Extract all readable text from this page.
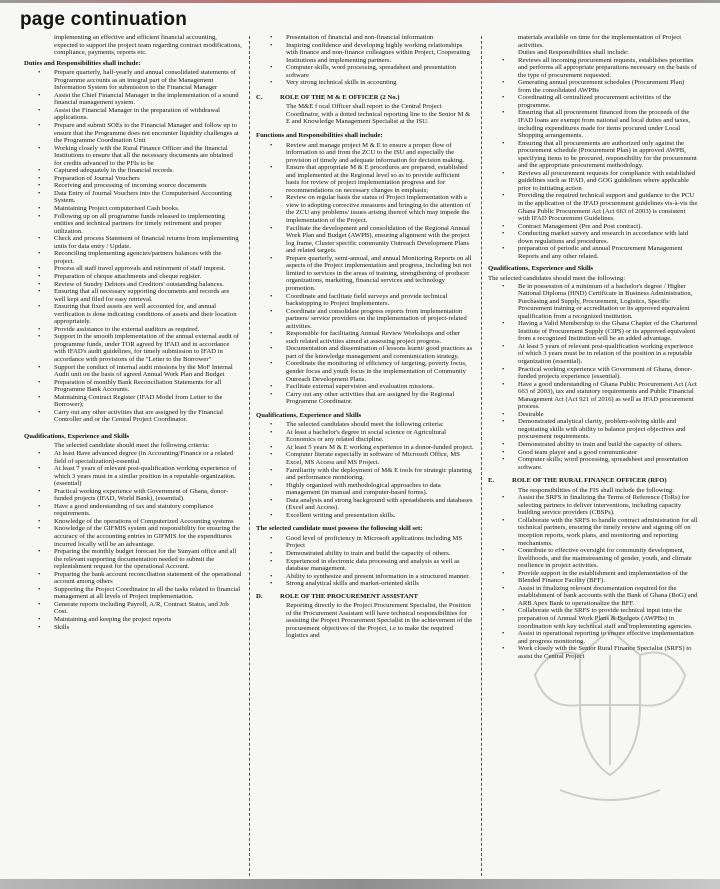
page continuation

implementing an effective and efficient financial accounting, expected to support the project team regarding contract modifications, compliance, payments, reports etc.

Duties and Responsibilities shall include:

• Prepare quarterly, half-yearly and annual consolidated statements of Programme accounts as an integral part of the Management Information System for submission to the Financial Manager
• Assist the Chief Financial Manager in the implementation of a sound financial management system.
• Assist the Financial Manager in the preparation of withdrawal applications.
• Prepare and submit SOEs to the Financial Manager and follow up to ensure that the Programme does not encounter liquidity challenges at the Programme Coordination Unit
• Working closely with the Rural Finance Officer and the financial Institutions to ensure that all the necessary documents are obtained for credits advanced to the PFIs to be
• Captured adequately in the financial records.
• Preparation of Journal Vouchers
• Receiving and processing of incoming source documents
• Data Entry of Journal Vouchers into the Computerised Accounting System.
• Maintaining Project computerised Cash books.
• Following up on all programme funds released to implementing entities and technical partners for timely retirement and proper utilization.
• Check and process Statement of financial returns from implementing units for data entry / Update.
• Reconciling implementing agencies/partners balances with the project.
• Process all staff travel approvals and retirement of staff imprest.
• Preparation of cheque attachments and cheque register.
• Review of Sundry Debtors and Creditors' outstanding balances.
• Ensuring that all necessary supporting documents and records are well kept and filed for easy retrieval.
• Ensuring that fixed assets are well accounted for, and annual verification is done indicating conditions of assets and their location appropriately.
• Provide assistance to the external auditors as required.
• Support in the smooth implementation of the annual external audit of programme funds, under TOR agreed by IFAD and in accordance with IFAD's audit guidelines, for timely submission to IFAD in accordance with provisions of the "Letter to the Borrower"
• Support the conduct of internal audit missions by the MoF Internal Audit unit on the basis of agreed Annual Work Plan and Budget
• Preparation of monthly Bank Reconciliation Statements for all Programme Bank Accounts.
• Maintaining Contract Register (IFAD Model from Letter to the Borrower);
• Carry out any other activities that are assigned by the Financial Controller and or the Central Project Coordinator.

Qualifications, Experience and Skills

The selected candidate should meet the following criteria:

• At least Have advanced degree (in Accounting/Finance or a related field of specialization)-essential
• At least 7 years of relevant post-qualification working experience of which 3 years must in a similar position in a reputable organization. (essential)
• Practical working experience with Government of Ghana, donor-funded projects (IFAD, World Bank), (essential).
• Have a good understanding of tax and statutory compliance requirements.
• Knowledge of the operations of Computerized Accounting systems
• Knowledge of the GIFMIS system and responsibility for ensuring the accuracy of the accounting entries in GIFMIS for the expenditures incurred locally will be an advantage.
• Preparing the monthly budget forecast for the Sunyani office and all the relevant supporting documentation needed to submit the replenishment request for the operational Account.
• Preparing the bank account reconciliation statement of the operational account among others
• Supporting the Project Coordinator in all the tasks related to financial management at all levels of Project implementation.
• Generate reports including Payroll, A/R, Contract Status, and Job Cost.
• Maintaining and keeping the project reports
• Skills
• Presentation of financial and non-financial information
• Inspiring confidence and developing highly working relationships with finance and non-finance colleagues within Project, Cooperating Institutions and implementing partners.
• Computer skills, word processing, spreadsheet and presentation software
• Very strong technical skills in accounting
C.	ROLE OF THE M & E OFFICER (2 No.)

The M&E f ocal Officer shall report to the Central Project Coordinator, with a dotted technical reporting line to the Senior M & E and Knowledge Management Specialist at the ISU.

Functions and Responsibilities shall include:

• Review and manage project M & E to ensure a proper flow of information to and from the ZCU to the ISU and especially the provision of timely and adequate information for decision making.
• Ensure that appropriate M & E procedures are prepared, established and implemented at the Regional level so as to provide sufficient basis for review of project implementation progress and for recommendations on necessary changes in emphasis;
• Review on regular basis the status of Project implementation with a view to adopting corrective measures and bringing to the attention of the ZCU any problems/ issues arising thereof which may impede the implementation of the Project.
• Facilitate the development and consolidation of the Regional Annual Work Plan and Budget (AWPB), ensuring alignment with the project log frame, Cluster specific community Outreach Development Plans and related targets.
• Prepare quarterly, semi-annual, and annual Monitoring Reports on all aspects of the Project implementation and progress, including but not limited to services in the areas of training, strengthening of producer organizations, marketing, financial services and technology promotion.
• Coordinate and facilitate field surveys and provide technical backstopping to Project Implementers.
• Coordinate and consolidate progress reports from implementation partners/ service providers on the implementation of project-related activities.
• Responsible for facilitating Annual Review Workshops and other such related activities aimed at assessing project progress.
• Documentation and dissemination of lessons learnt/ good practices as part of the knowledge management and communication strategy.
• Coordinate the monitoring of efficiency of targeting, poverty focus, gender focus and youth focus in the implementation of Community Outreach Development Plans.
• Facilitate external supervision and evaluation missions.
• Carry out any other activities that are assigned by the Regional Programme Coordinator.

Qualifications, Experience and Skills

• The selected candidates should meet the following criteria:
• At least a bachelor's degree in social science or Agricultural Economics or any related discipline.
• At least 5 years M & E working experience in a donor-funded project.
• Computer literate especially in software of Microsoft Office, MS Excel, MS Access and MS Project.
• Familiarity with the deployment of M& E tools for strategic planning and performance monitoring.
• Highly organized with methodological approaches to data management (in manual and computer-based forms).
• Data analysis and strong background with spreadsheets and databases (Excel and Access).
• Excellent writing and presentation skills.

The selected candidate must possess the following skill set:

• Good level of proficiency in Microsoft applications including MS Project
• Demonstrated ability to train and build the capacity of others.
• Experienced in electronic data processing and analysis as well as database management.
• Ability to synthesize and present information in a structured manner.
• Strong analytical skills and market-oriented skills
D.	ROLE OF THE PROCUREMENT ASSISTANT

Reporting directly to the Project Procurement Specialist, the Position of the Procurement Assistant will have technical responsibilities for assisting the Project Procurement Specialist in the achievement of the procurement objectives of the Project, i.e to make the required logistics and

materials available on time for the implementation of Project activities.

Duties and Responsibilities shall include:

• Reviews all incoming procurement requests, establishes priorities and performs all appropriate preparations necessary on the basis of the type of procurement requested.
• Generating annual procurement schedules (Procurement Plan) from the consolidated AWPBs
• Coordinating all centralized procurement activities of the programme.
• Ensuring that all procurement financed from the proceeds of the IFAD loans are exempt from national and local duties and taxes, including expenditures made for items procured under Local Shopping arrangements.
• Ensuring that all procurements are authorized only against the procurement schedule (Procurement Plan) in approved AWPB, specifying items to be procured, responsibility for the procurement and the appropriate procurement methodology.
• Reviews all procurement requests for compliance with established guidelines such as IFAD, and GOG guidelines where applicable prior to initiating action
• Providing the required technical support and guidance to the PCU in the application of the IFAD procurement guidelines vis-à-vis the Ghana Public Procurement Act (Act 663 of 2003) is consistent with IFAD Procurement Guidelines.
• Contract Management (Pre and Post contract).
• Conducting market survey and research in accordance with laid down regulations and procedures.
• preparation of periodic and annual Procurement Management Reports and any other related.

Qualifications, Experience and Skills

The selected candidates should meet the following:

• Be in possession of a minimum of a bachelor's degree / Higher National Diploma (HND) Certificate in Business Administration, Purchasing and Supply, Procurement, Logistics, Specific Procurement training or accreditation or its approved equivalent qualification from a recognized institution.
• Having a Valid Membership to the Ghana Chapter of the Chartered Institute of Procurement Supply (CIPS) or its approved equivalent from a recognized Institution will be an added advantage.
• At least 5 years of relevant post-qualification working experience of which 3 years must be in relation of the position in a reputable organization (essential).
• Practical working experience with Government of Ghana, donor-funded projects experience (essential).
• Have a good understanding of Ghana Public Procurement Act (Act 663 of 2003), tax and statutory requirements and Public Financial Management Act (Act 921 of 2016) as well as IFAD procurement process.
• Desirable
• Demonstrated analytical clarity, problem-solving skills and negotiating skills with ability to balance project objectives and procurement requirements.
• Demonstrated ability to train and build the capacity of others.
• Good team player and a good communicator
• Computer skills; word processing, spreadsheet and presentation software.
E.	ROLE OF THE RURAL FINANCE OFFICER (RFO)

The responsibilities of the FIS shall include the following:

• Assist the SRFS in finalizing the Terms of Reference (ToRs) for selecting partners to deliver interventions, including capacity building service providers (CBSPs).
• Collaborate with the SRFS to handle contract administration for all technical partners, ensuring the timely review and signing off on inception reports, work plans, and monitoring and reporting mechanisms.
• Contribute to effective oversight for community development, livelihoods, and the mainstreaming of gender, youth, and climate resilience in project activities.
• Provide support in the establishment and implementation of the Blended Finance Facility (BFF).
• Assist in finalizing relevant documentation required for the establishment of bank accounts with the Bank of Ghana (BoG) and ARB Apex Bank to operationalize the BFF.
• Collaborate with the SRFS to provide technical input into the preparation of Annual Work Plans & Budgets (AWPBs) in coordination with key technical staff and implementing agencies.
• Assist in operational reporting to ensure effective implementation and progress monitoring.
• Work closely with the Senior Rural Finance Specialist (SRFS) to assist the Central Project
